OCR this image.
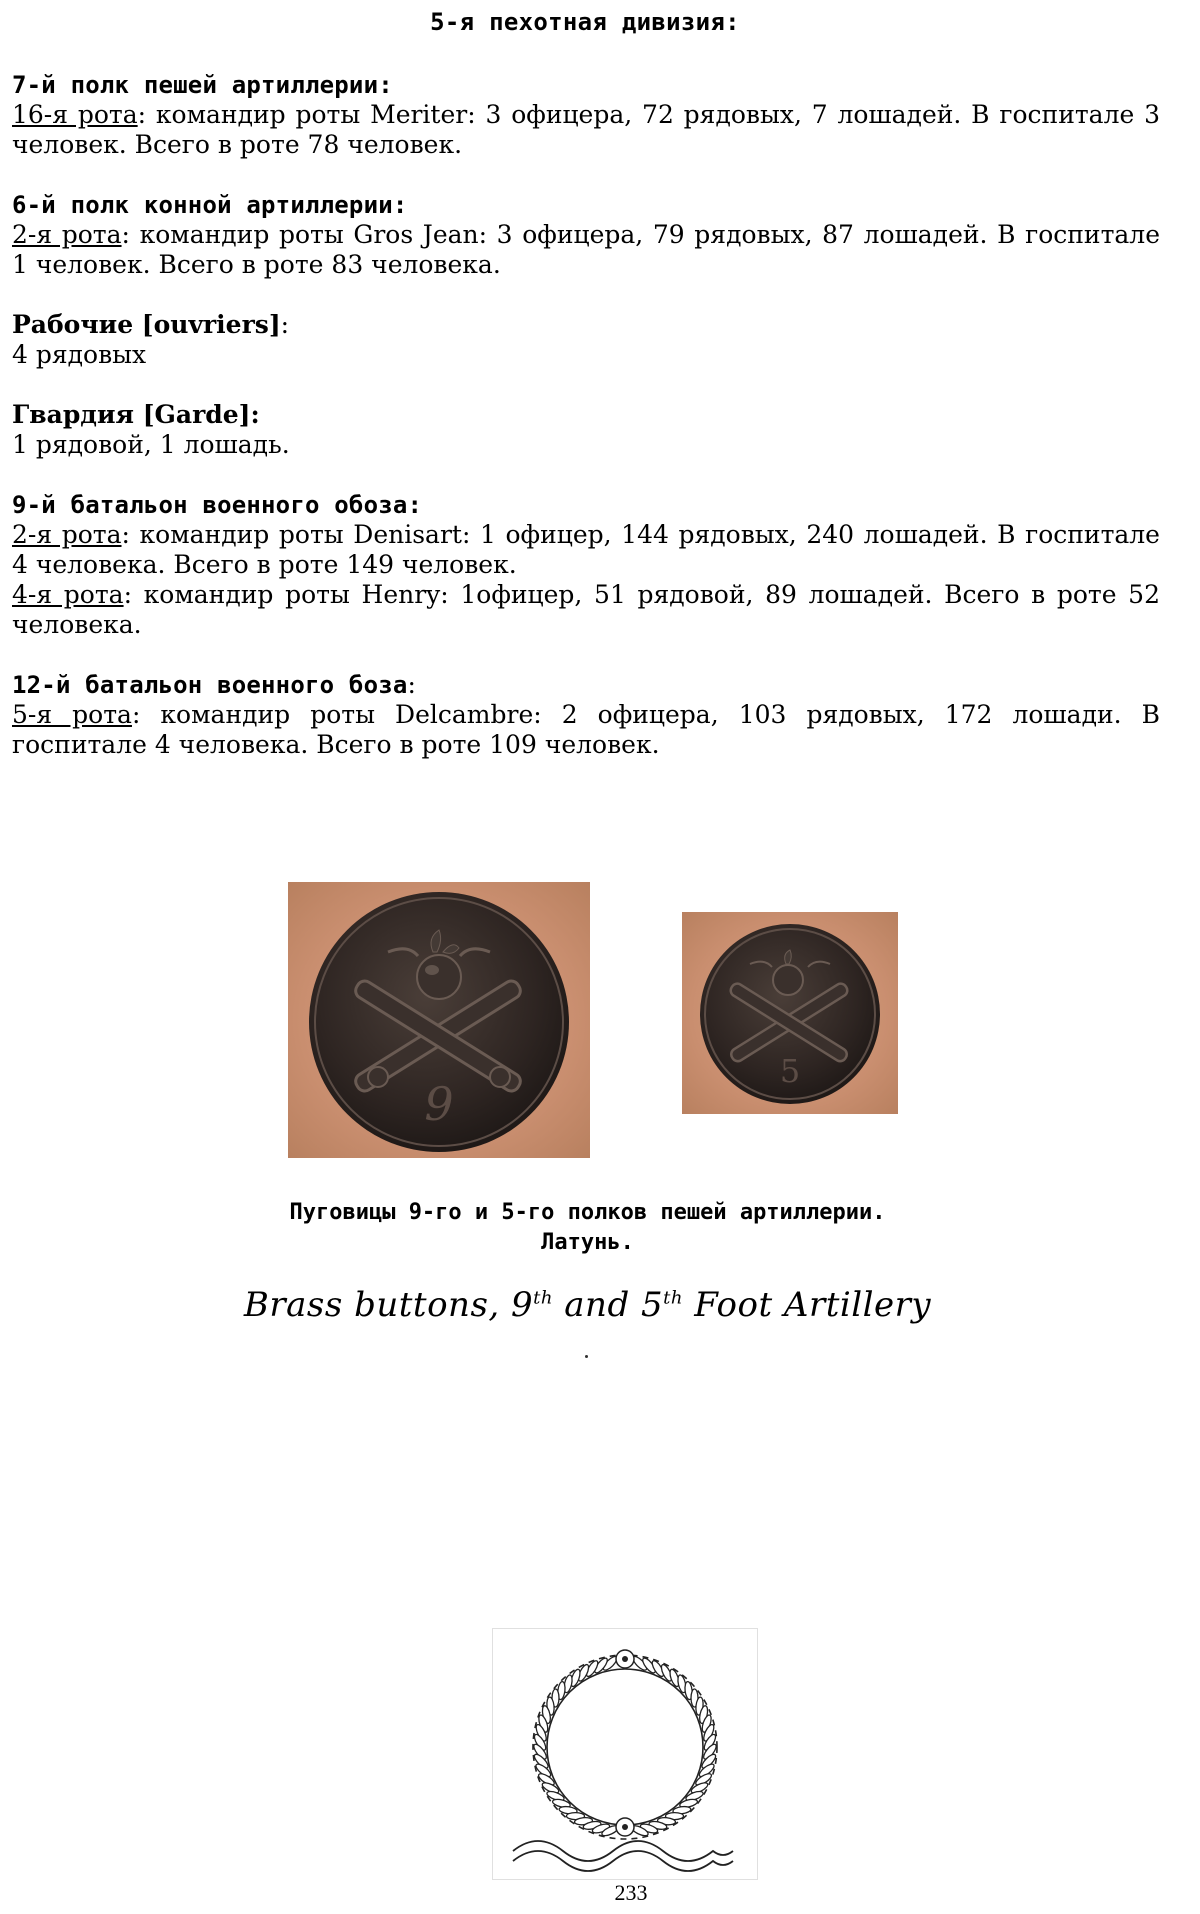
5-я пехотная дивизия:
7-й полк пешей артиллерии:
16-я рота: командир роты Meriter: 3 офицера, 72 рядовых, 7 лошадей. В госпитале 3 человек. Всего в роте 78 человек.
6-й полк конной артиллерии:
2-я рота: командир роты Gros Jean: 3 офицера, 79 рядовых, 87 лошадей. В госпитале 1 человек. Всего в роте 83 человека.
Рабочие [ouvriers]:
4 рядовых
Гвардия [Garde]:
1 рядовой, 1 лошадь.
9-й батальон военного обоза:
2-я рота: командир роты Denisart: 1 офицер, 144 рядовых, 240 лошадей. В госпитале 4 человека. Всего в роте 149 человек.
4-я рота: командир роты Henry: 1офицер, 51 рядовой, 89 лошадей. Всего в роте 52 человека.
12-й батальон военного боза:
5-я рота: командир роты Delcambre: 2 офицера, 103 рядовых, 172 лошади. В госпитале 4 человека. Всего в роте 109 человек.
9
5
Пуговицы 9-го и 5-го полков пешей артиллерии.
Латунь.
Brass buttons, 9th and 5th Foot Artillery
233
